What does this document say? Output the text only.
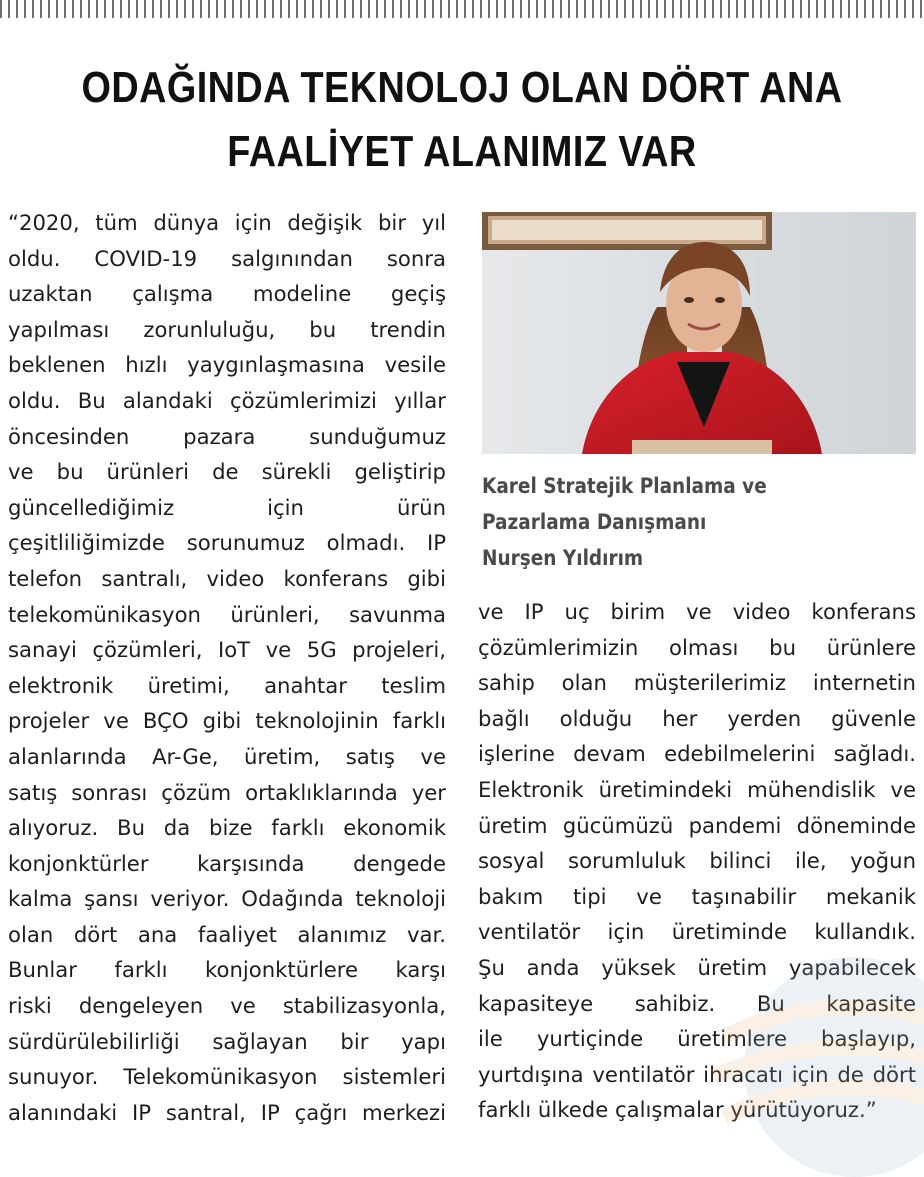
ODAĞINDA TEKNOLOJ OLAN DÖRT ANA
FAALİYET ALANIMIZ VAR
“2020, tüm dünya için değişik bir yıl
oldu. COVID-19 salgınından sonra
uzaktan çalışma modeline geçiş
yapılması zorunluluğu, bu trendin
beklenen hızlı yaygınlaşmasına vesile
oldu. Bu alandaki çözümlerimizi yıllar
öncesinden pazara sunduğumuz
ve bu ürünleri de sürekli geliştirip
güncellediğimiz için ürün
çeşitliliğimizde sorunumuz olmadı. IP
telefon santralı, video konferans gibi
telekomünikasyon ürünleri, savunma
sanayi çözümleri, IoT ve 5G projeleri,
elektronik üretimi, anahtar teslim
projeler ve BÇO gibi teknolojinin farklı
alanlarında Ar-Ge, üretim, satış ve
satış sonrası çözüm ortaklıklarında yer
alıyoruz. Bu da bize farklı ekonomik
konjonktürler karşısında dengede
kalma şansı veriyor. Odağında teknoloji
olan dört ana faaliyet alanımız var.
Bunlar farklı konjonktürlere karşı
riski dengeleyen ve stabilizasyonla,
sürdürülebilirliği sağlayan bir yapı
sunuyor. Telekomünikasyon sistemleri
alanındaki IP santral, IP çağrı merkezi
Karel Stratejik Planlama ve
Pazarlama Danışmanı
Nurşen Yıldırım
ve IP uç birim ve video konferans
çözümlerimizin olması bu ürünlere
sahip olan müşterilerimiz internetin
bağlı olduğu her yerden güvenle
işlerine devam edebilmelerini sağladı.
Elektronik üretimindeki mühendislik ve
üretim gücümüzü pandemi döneminde
sosyal sorumluluk bilinci ile, yoğun
bakım tipi ve taşınabilir mekanik
ventilatör için üretiminde kullandık.
Şu anda yüksek üretim yapabilecek
kapasiteye sahibiz. Bu kapasite
ile yurtiçinde üretimlere başlayıp,
yurtdışına ventilatör ihracatı için de dört
farklı ülkede çalışmalar yürütüyoruz.”
